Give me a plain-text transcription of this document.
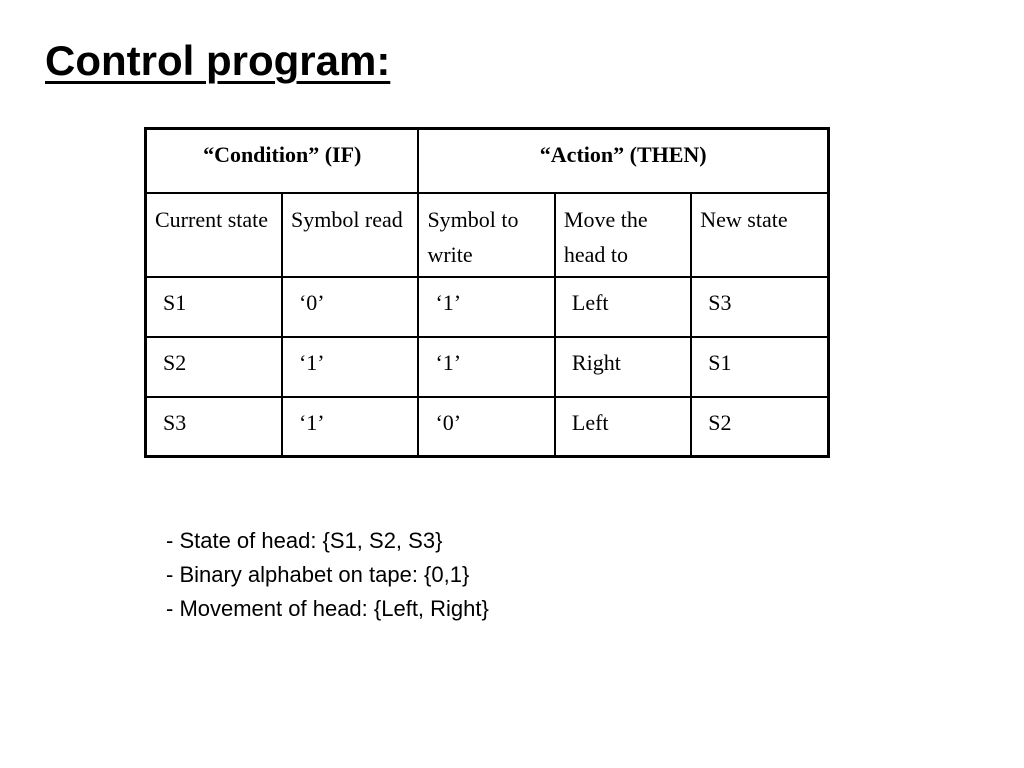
Control program:
“Condition” (IF)		“Action” (THEN)		
Current state	Symbol read	Symbol to write	Move the head to	New state
S1	‘0’	‘1’	Left	S3
S2	‘1’	‘1’	Right	S1
S3	‘1’	‘0’	Left	S2
- State of head: {S1, S2, S3}
- Binary alphabet on tape: {0,1}
- Movement of head: {Left, Right}
